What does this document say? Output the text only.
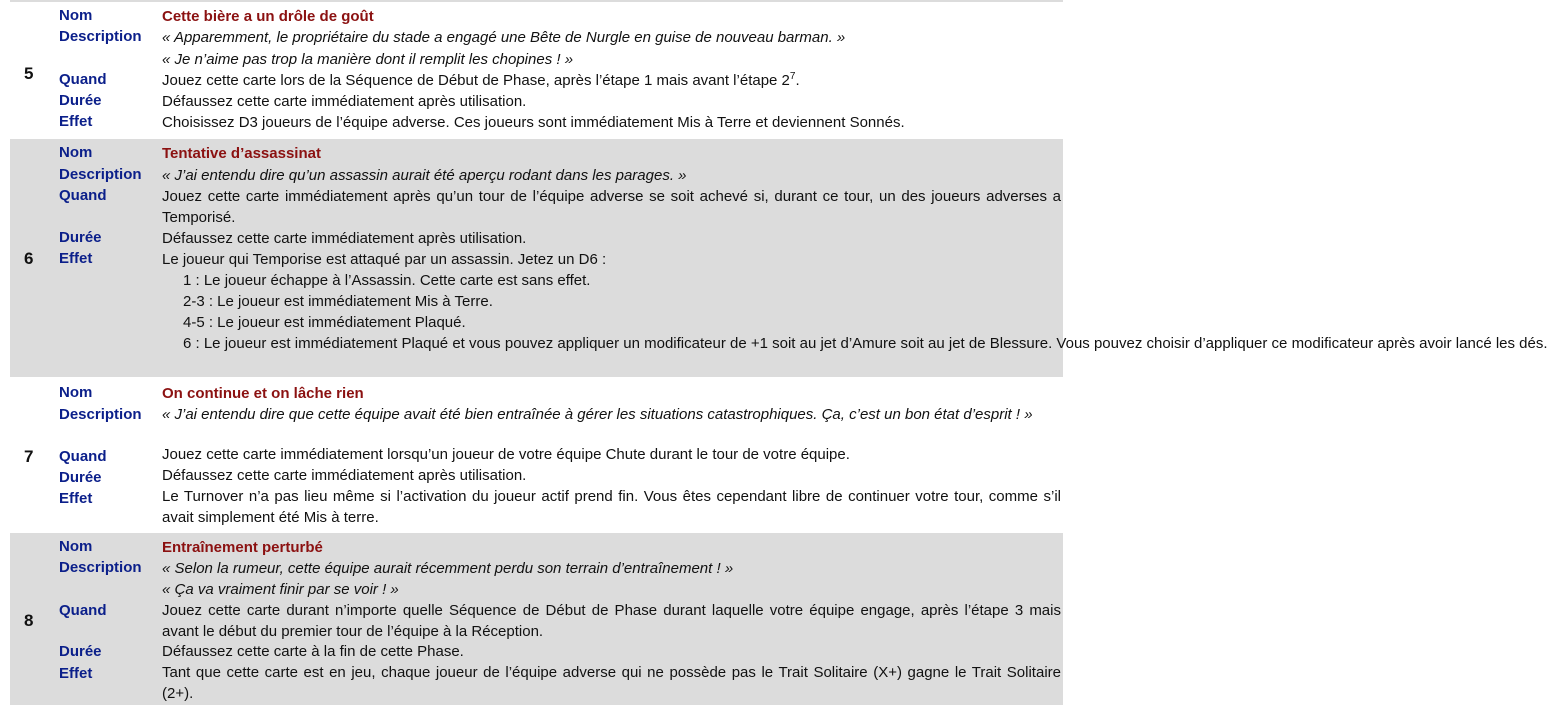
5
Nom	Cette bière a un drôle de goût
Description « Apparemment, le propriétaire du stade a engagé une Bête de Nurgle en guise de nouveau barman. »
« Je n’aime pas trop la manière dont il remplit les chopines ! »
Quand	Jouez cette carte lors de la Séquence de Début de Phase, après l’étape 1 mais avant l’étape $2^7$.
Durée	Défaussez cette carte immédiatement après utilisation.
Effet	Choisissez D3 joueurs de l’équipe adverse. Ces joueurs sont immédiatement Mis à Terre et deviennent Sonnés.
6
Nom	Tentative d’assassinat
Description « J’ai entendu dire qu’un assassin aurait été aperçu rodant dans les parages. »
Quand	Jouez cette carte immédiatement après qu’un tour de l’équipe adverse se soit achevé si, durant ce tour, un des joueurs adverses a Temporisé.
Durée	Défaussez cette carte immédiatement après utilisation.
Effet	Le joueur qui Temporise est attaqué par un assassin. Jetez un D6 :
1 : Le joueur échappe à l’Assassin. Cette carte est sans effet.
2-3 : Le joueur est immédiatement Mis à Terre.
4-5 : Le joueur est immédiatement Plaqué.
6 : Le joueur est immédiatement Plaqué et vous pouvez appliquer un modificateur de +1 soit au jet d’Amure soit au jet de Blessure. Vous pouvez choisir d’appliquer ce modificateur après avoir lancé les dés.
7
Nom	On continue et on lâche rien
Description « J’ai entendu dire que cette équipe avait été bien entraînée à gérer les situations catastrophiques. Ça, c’est un bon état d’esprit ! »
Quand	Jouez cette carte immédiatement lorsqu’un joueur de votre équipe Chute durant le tour de votre équipe.
Durée	Défaussez cette carte immédiatement après utilisation.
Effet	Le Turnover n’a pas lieu même si l’activation du joueur actif prend fin. Vous êtes cependant libre de continuer votre tour, comme s’il avait simplement été Mis à terre.
8
Nom	Entraînement perturbé
Description « Selon la rumeur, cette équipe aurait récemment perdu son terrain d’entraînement ! »
« Ça va vraiment finir par se voir ! »
Quand	Jouez cette carte durant n’importe quelle Séquence de Début de Phase durant laquelle votre équipe engage, après l’étape 3 mais avant le début du premier tour de l’équipe à la Réception.
Durée	Défaussez cette carte à la fin de cette Phase.
Effet	Tant que cette carte est en jeu, chaque joueur de l’équipe adverse qui ne possède pas le Trait Solitaire (X+) gagne le Trait Solitaire (2+).
